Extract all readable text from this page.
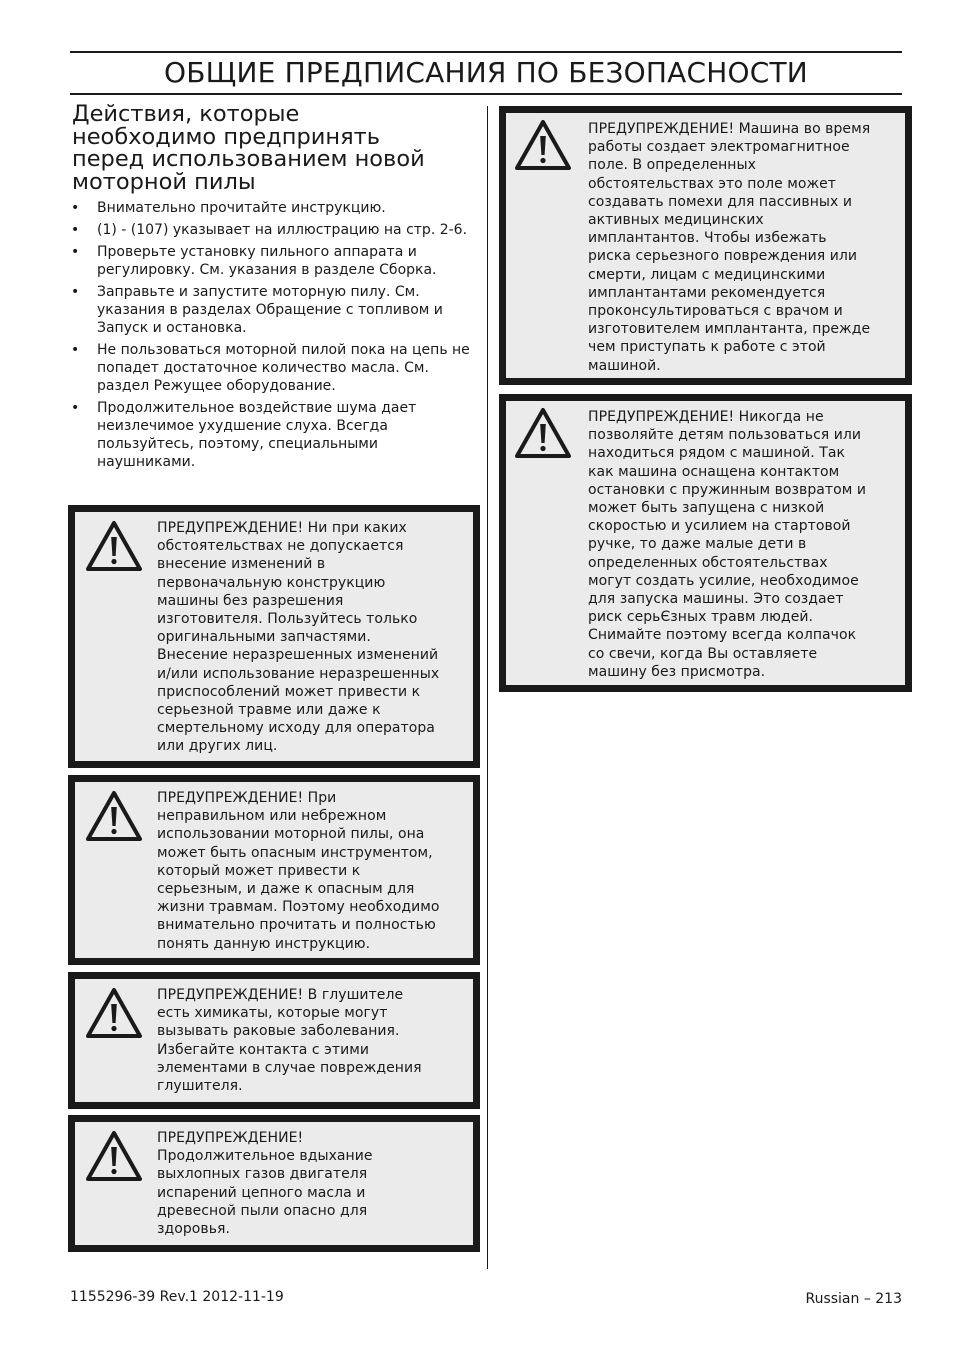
ОБЩИЕ ПРЕДПИСАНИЯ ПО БЕЗОПАСНОСТИ
Действия, которые
необходимо предпринять
перед использованием новой
моторной пилы
• Внимательно прочитайте инструкцию.
• (1) - (107) указывает на иллюстрацию на стр. 2-6.
• Проверьте установку пильного аппарата и регулировку. См. указания в разделе Сборка.
• Заправьте и запустите моторную пилу. См. указания в разделах Обращение с топливом и Запуск и остановка.
• Не пользоваться моторной пилой пока на цепь не попадет достаточное количество масла. См. раздел Режущее оборудование.
• Продолжительное воздействие шума дает неизлечимое ухудшение слуха. Всегда пользуйтесь, поэтому, специальными наушниками.
ПРЕДУПРЕЖДЕНИЕ! Ни при каких
обстоятельствах не допускается
внесение изменений в
первоначальную конструкцию
машины без разрешения
изготовителя. Пользуйтесь только
оригинальными запчастями.
Внесение неразрешенных изменений
и/или использование неразрешенных
приспособлений может привести к
серьезной травме или даже к
смертельному исходу для оператора
или других лиц.
ПРЕДУПРЕЖДЕНИЕ! При
неправильном или небрежном
использовании моторной пилы, она
может быть опасным инструментом,
который может привести к
серьезным, и даже к опасным для
жизни травмам. Поэтому необходимо
внимательно прочитать и полностью
понять данную инструкцию.
ПРЕДУПРЕЖДЕНИЕ! В глушителе
есть химикаты, которые могут
вызывать раковые заболевания.
Избегайте контакта с этими
элементами в случае повреждения
глушителя.
ПРЕДУПРЕЖДЕНИЕ!
Продолжительное вдыхание
выхлопных газов двигателя
испарений цепного масла и
древесной пыли опасно для
здоровья.
ПРЕДУПРЕЖДЕНИЕ! Машина во время
работы создает электромагнитное
поле. В определенных
обстоятельствах это поле может
создавать помехи для пассивных и
активных медицинских
имплантантов. Чтобы избежать
риска серьезного повреждения или
смерти, лицам с медицинскими
имплантантами рекомендуется
проконсультироваться с врачом и
изготовителем имплантанта, прежде
чем приступать к работе с этой
машиной.
ПРЕДУПРЕЖДЕНИЕ! Никогда не
позволяйте детям пользоваться или
находиться рядом с машиной. Так
как машина оснащена контактом
остановки с пружинным возвратом и
может быть запущена с низкой
скоростью и усилием на стартовой
ручке, то даже малые дети в
определенных обстоятельствах
могут создать усилие, необходимое
для запуска машины. Это создает
риск серьЄзных травм людей.
Снимайте поэтому всегда колпачок
со свечи, когда Вы оставляете
машину без присмотра.
1155296-39 Rev.1 2012-11-19	Russian – 213
